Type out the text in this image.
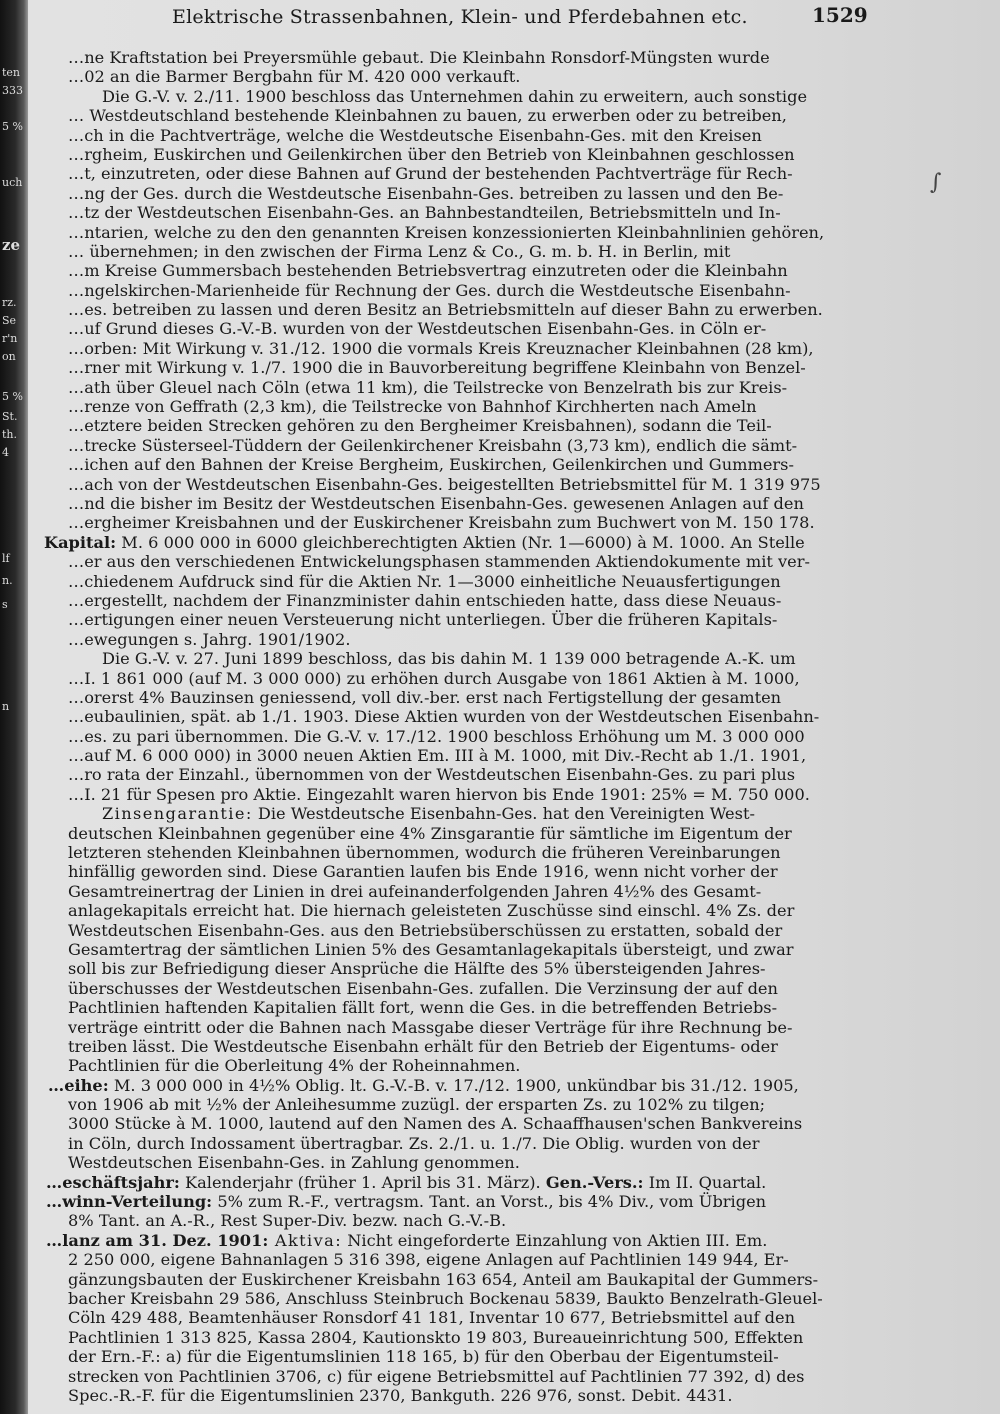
ten
333
5 %
uch
ze
rz.
Se
r'n
on
5 %
St.
th.
4
lf
n.
s
n
Elektrische Strassenbahnen, Klein- und Pferdebahnen etc.	1529
∫
…ne Kraftstation bei Preyersmühle gebaut. Die Kleinbahn Ronsdorf-Müngsten wurde
…02 an die Barmer Bergbahn für M. 420 000 verkauft.
Die G.-V. v. 2./11. 1900 beschloss das Unternehmen dahin zu erweitern, auch sonstige
… Westdeutschland bestehende Kleinbahnen zu bauen, zu erwerben oder zu betreiben,
…ch in die Pachtverträge, welche die Westdeutsche Eisenbahn-Ges. mit den Kreisen
…rgheim, Euskirchen und Geilenkirchen über den Betrieb von Kleinbahnen geschlossen
…t, einzutreten, oder diese Bahnen auf Grund der bestehenden Pachtverträge für Rech-
…ng der Ges. durch die Westdeutsche Eisenbahn-Ges. betreiben zu lassen und den Be-
…tz der Westdeutschen Eisenbahn-Ges. an Bahnbestandteilen, Betriebsmitteln und In-
…ntarien, welche zu den den genannten Kreisen konzessionierten Kleinbahnlinien gehören,
… übernehmen; in den zwischen der Firma Lenz & Co., G. m. b. H. in Berlin, mit
…m Kreise Gummersbach bestehenden Betriebsvertrag einzutreten oder die Kleinbahn
…ngelskirchen-Marienheide für Rechnung der Ges. durch die Westdeutsche Eisenbahn-
…es. betreiben zu lassen und deren Besitz an Betriebsmitteln auf dieser Bahn zu erwerben.
…uf Grund dieses G.-V.-B. wurden von der Westdeutschen Eisenbahn-Ges. in Cöln er-
…orben: Mit Wirkung v. 31./12. 1900 die vormals Kreis Kreuznacher Kleinbahnen (28 km),
…rner mit Wirkung v. 1./7. 1900 die in Bauvorbereitung begriffene Kleinbahn von Benzel-
…ath über Gleuel nach Cöln (etwa 11 km), die Teilstrecke von Benzelrath bis zur Kreis-
…renze von Geffrath (2,3 km), die Teilstrecke von Bahnhof Kirchherten nach Ameln
…etztere beiden Strecken gehören zu den Bergheimer Kreisbahnen), sodann die Teil-
…trecke Süsterseel-Tüddern der Geilenkirchener Kreisbahn (3,73 km), endlich die sämt-
…ichen auf den Bahnen der Kreise Bergheim, Euskirchen, Geilenkirchen und Gummers-
…ach von der Westdeutschen Eisenbahn-Ges. beigestellten Betriebsmittel für M. 1 319 975
…nd die bisher im Besitz der Westdeutschen Eisenbahn-Ges. gewesenen Anlagen auf den
…ergheimer Kreisbahnen und der Euskirchener Kreisbahn zum Buchwert von M. 150 178.
Kapital: M. 6 000 000 in 6000 gleichberechtigten Aktien (Nr. 1—6000) à M. 1000. An Stelle
…er aus den verschiedenen Entwickelungsphasen stammenden Aktiendokumente mit ver-
…chiedenem Aufdruck sind für die Aktien Nr. 1—3000 einheitliche Neuausfertigungen
…ergestellt, nachdem der Finanzminister dahin entschieden hatte, dass diese Neuaus-
…ertigungen einer neuen Versteuerung nicht unterliegen. Über die früheren Kapitals-
…ewegungen s. Jahrg. 1901/1902.
Die G.-V. v. 27. Juni 1899 beschloss, das bis dahin M. 1 139 000 betragende A.-K. um
…I. 1 861 000 (auf M. 3 000 000) zu erhöhen durch Ausgabe von 1861 Aktien à M. 1000,
…orerst 4% Bauzinsen geniessend, voll div.-ber. erst nach Fertigstellung der gesamten
…eubaulinien, spät. ab 1./1. 1903. Diese Aktien wurden von der Westdeutschen Eisenbahn-
…es. zu pari übernommen. Die G.-V. v. 17./12. 1900 beschloss Erhöhung um M. 3 000 000
…auf M. 6 000 000) in 3000 neuen Aktien Em. III à M. 1000, mit Div.-Recht ab 1./1. 1901,
…ro rata der Einzahl., übernommen von der Westdeutschen Eisenbahn-Ges. zu pari plus
…I. 21 für Spesen pro Aktie. Eingezahlt waren hiervon bis Ende 1901: 25% = M. 750 000.
Zinsengarantie: Die Westdeutsche Eisenbahn-Ges. hat den Vereinigten West-
deutschen Kleinbahnen gegenüber eine 4% Zinsgarantie für sämtliche im Eigentum der
letzteren stehenden Kleinbahnen übernommen, wodurch die früheren Vereinbarungen
hinfällig geworden sind. Diese Garantien laufen bis Ende 1916, wenn nicht vorher der
Gesamtreinertrag der Linien in drei aufeinanderfolgenden Jahren 4½% des Gesamt-
anlagekapitals erreicht hat. Die hiernach geleisteten Zuschüsse sind einschl. 4% Zs. der
Westdeutschen Eisenbahn-Ges. aus den Betriebsüberschüssen zu erstatten, sobald der
Gesamtertrag der sämtlichen Linien 5% des Gesamtanlagekapitals übersteigt, und zwar
soll bis zur Befriedigung dieser Ansprüche die Hälfte des 5% übersteigenden Jahres-
überschusses der Westdeutschen Eisenbahn-Ges. zufallen. Die Verzinsung der auf den
Pachtlinien haftenden Kapitalien fällt fort, wenn die Ges. in die betreffenden Betriebs-
verträge eintritt oder die Bahnen nach Massgabe dieser Verträge für ihre Rechnung be-
treiben lässt. Die Westdeutsche Eisenbahn erhält für den Betrieb der Eigentums- oder
Pachtlinien für die Oberleitung 4% der Roheinnahmen.
…eihe: M. 3 000 000 in 4½% Oblig. lt. G.-V.-B. v. 17./12. 1900, unkündbar bis 31./12. 1905,
von 1906 ab mit ½% der Anleihesumme zuzügl. der ersparten Zs. zu 102% zu tilgen;
3000 Stücke à M. 1000, lautend auf den Namen des A. Schaaffhausen'schen Bankvereins
in Cöln, durch Indossament übertragbar. Zs. 2./1. u. 1./7. Die Oblig. wurden von der
Westdeutschen Eisenbahn-Ges. in Zahlung genommen.
…eschäftsjahr: Kalenderjahr (früher 1. April bis 31. März). Gen.-Vers.: Im II. Quartal.
…winn-Verteilung: 5% zum R.-F., vertragsm. Tant. an Vorst., bis 4% Div., vom Übrigen
8% Tant. an A.-R., Rest Super-Div. bezw. nach G.-V.-B.
…lanz am 31. Dez. 1901: Aktiva: Nicht eingeforderte Einzahlung von Aktien III. Em.
2 250 000, eigene Bahnanlagen 5 316 398, eigene Anlagen auf Pachtlinien 149 944, Er-
gänzungsbauten der Euskirchener Kreisbahn 163 654, Anteil am Baukapital der Gummers-
bacher Kreisbahn 29 586, Anschluss Steinbruch Bockenau 5839, Baukto Benzelrath-Gleuel-
Cöln 429 488, Beamtenhäuser Ronsdorf 41 181, Inventar 10 677, Betriebsmittel auf den
Pachtlinien 1 313 825, Kassa 2804, Kautionskto 19 803, Bureaueinrichtung 500, Effekten
der Ern.-F.: a) für die Eigentumslinien 118 165, b) für den Oberbau der Eigentumsteil-
strecken von Pachtlinien 3706, c) für eigene Betriebsmittel auf Pachtlinien 77 392, d) des
Spec.-R.-F. für die Eigentumslinien 2370, Bankguth. 226 976, sonst. Debit. 4431.
